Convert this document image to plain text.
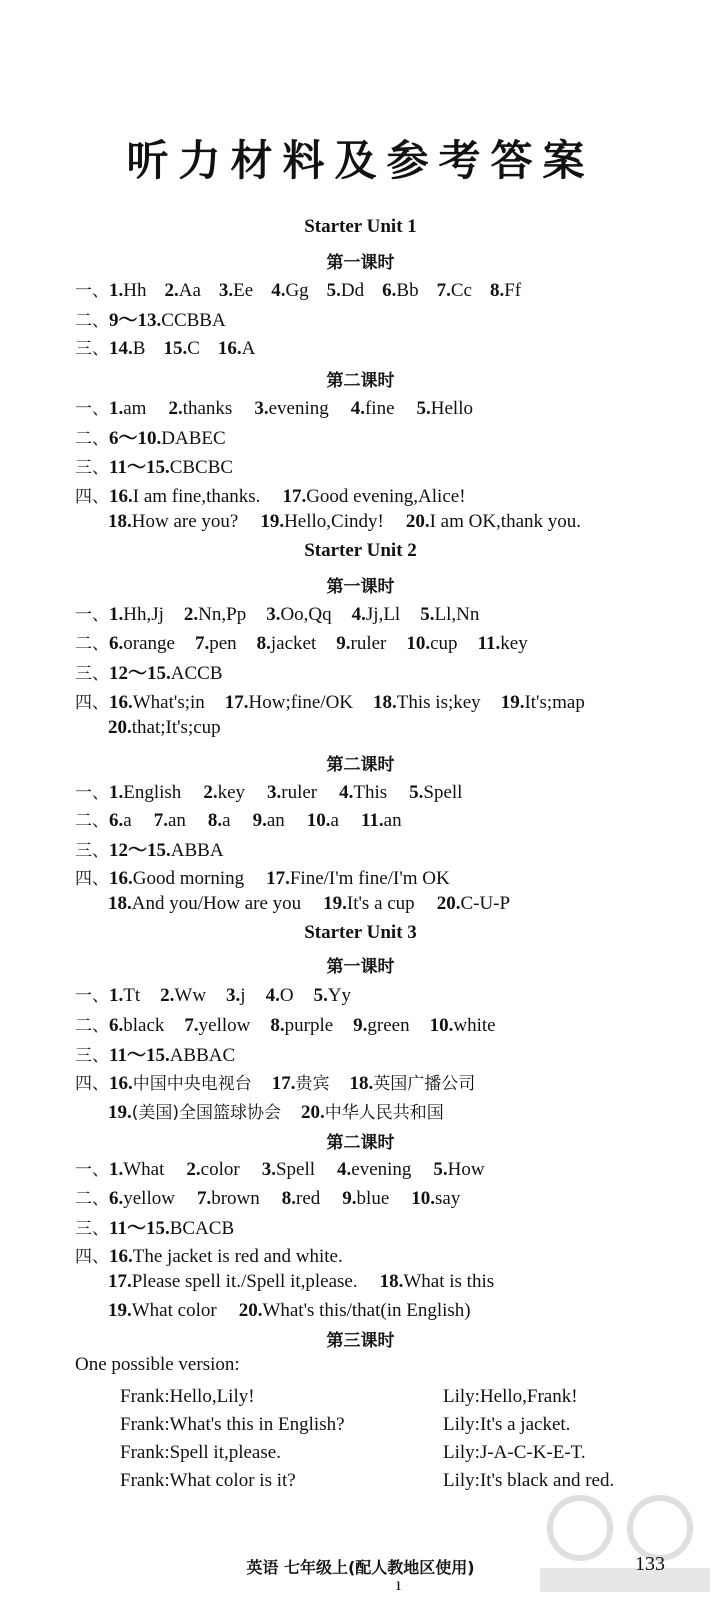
听力材料及参考答案
Starter Unit 1
第一课时
一、1.Hh 2.Aa 3.Ee 4.Gg 5.Dd 6.Bb 7.Cc 8.Ff
二、9～13.CCBBA
三、14.B 15.C 16.A
第二课时
一、1.am 2.thanks 3.evening 4.fine 5.Hello
二、6～10.DABEC
三、11～15.CBCBC
四、16.I am fine,thanks. 17.Good evening,Alice!
18.How are you? 19.Hello,Cindy! 20.I am OK,thank you.
Starter Unit 2
第一课时
一、1.Hh,Jj 2.Nn,Pp 3.Oo,Qq 4.Jj,Ll 5.Ll,Nn
二、6.orange 7.pen 8.jacket 9.ruler 10.cup 11.key
三、12～15.ACCB
四、16.What's;in 17.How;fine/OK 18.This is;key 19.It's;map
20.that;It's;cup
第二课时
一、1.English 2.key 3.ruler 4.This 5.Spell
二、6.a 7.an 8.a 9.an 10.a 11.an
三、12～15.ABBA
四、16.Good morning 17.Fine/I'm fine/I'm OK
18.And you/How are you 19.It's a cup 20.C-U-P
Starter Unit 3
第一课时
一、1.Tt 2.Ww 3.j 4.O 5.Yy
二、6.black 7.yellow 8.purple 9.green 10.white
三、11～15.ABBAC
四、16.中国中央电视台 17.贵宾 18.英国广播公司
19.(美国)全国篮球协会 20.中华人民共和国
第二课时
一、1.What 2.color 3.Spell 4.evening 5.How
二、6.yellow 7.brown 8.red 9.blue 10.say
三、11～15.BCACB
四、16.The jacket is red and white.
17.Please spell it./Spell it,please. 18.What is this
19.What color 20.What's this/that(in English)
第三课时
One possible version:
Frank:Hello,Lily!	Lily:Hello,Frank!
Frank:What's this in English?	Lily:It's a jacket.
Frank:Spell it,please.	Lily:J-A-C-K-E-T.
Frank:What color is it?	Lily:It's black and red.
英语 七年级上(配人教地区使用)	133
ı
